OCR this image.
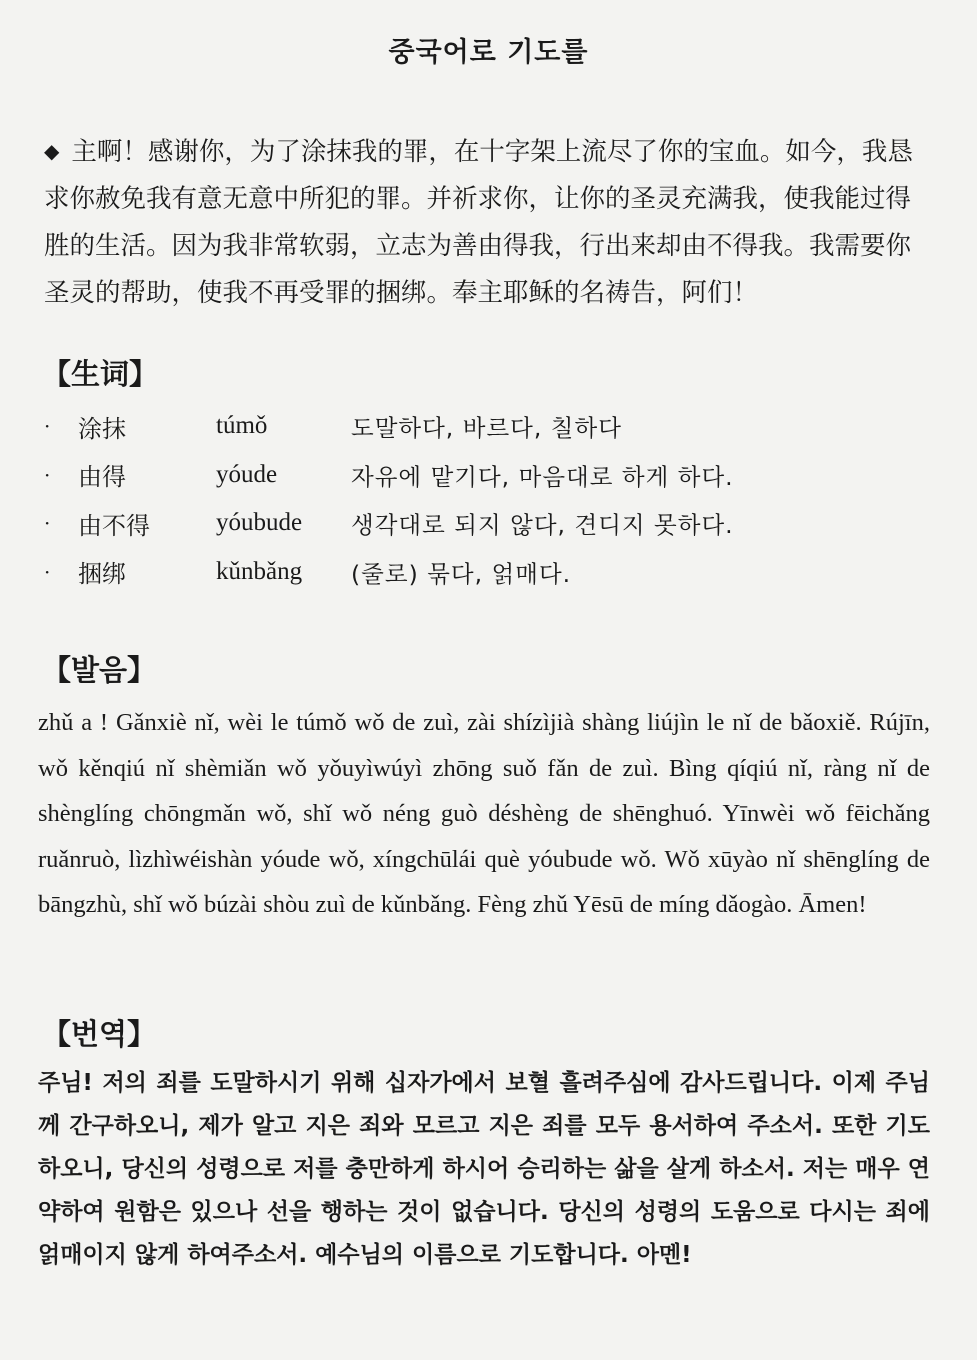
중국어로 기도를
◆ 主啊！感谢你，为了涂抹我的罪，在十字架上流尽了你的宝血。如今，我恳求你赦免我有意无意中所犯的罪。并祈求你，让你的圣灵充满我，使我能过得胜的生活。因为我非常软弱，立志为善由得我，行出来却由不得我。我需要你圣灵的帮助，使我不再受罪的捆绑。奉主耶稣的名祷告，阿们！
【生词】
·	涂抹	túmǒ	도말하다, 바르다, 칠하다
·	由得	yóude	자유에 맡기다, 마음대로 하게 하다.
·	由不得	yóubude	생각대로 되지 않다, 견디지 못하다.
·	捆绑	kǔnbǎng	(줄로) 묶다, 얽매다.
【발음】
zhǔ a ! Gǎnxiè nǐ, wèi le túmǒ wǒ de zuì, zài shízìjià shàng liújìn le nǐ de bǎoxiě. Rújīn, wǒ kěnqiú nǐ shèmiǎn wǒ yǒuyìwúyì zhōng suǒ fǎn de zuì. Bìng qíqiú nǐ, ràng nǐ de shènglíng chōngmǎn wǒ, shǐ wǒ néng guò déshèng de shēnghuó. Yīnwèi wǒ fēichǎng ruǎnruò, lìzhìwéishàn yóude wǒ, xíngchūlái què yóubude wǒ. Wǒ xūyào nǐ shēnglíng de bāngzhù, shǐ wǒ búzài shòu zuì de kǔnbǎng. Fèng zhǔ Yēsū de míng dǎogào. Āmen!
【번역】
주님! 저의 죄를 도말하시기 위해 십자가에서 보혈 흘려주심에 감사드립니다. 이제 주님께 간구하오니, 제가 알고 지은 죄와 모르고 지은 죄를 모두 용서하여 주소서. 또한 기도하오니, 당신의 성령으로 저를 충만하게 하시어 승리하는 삶을 살게 하소서. 저는 매우 연약하여 원함은 있으나 선을 행하는 것이 없습니다. 당신의 성령의 도움으로 다시는 죄에 얽매이지 않게 하여주소서. 예수님의 이름으로 기도합니다. 아멘!
